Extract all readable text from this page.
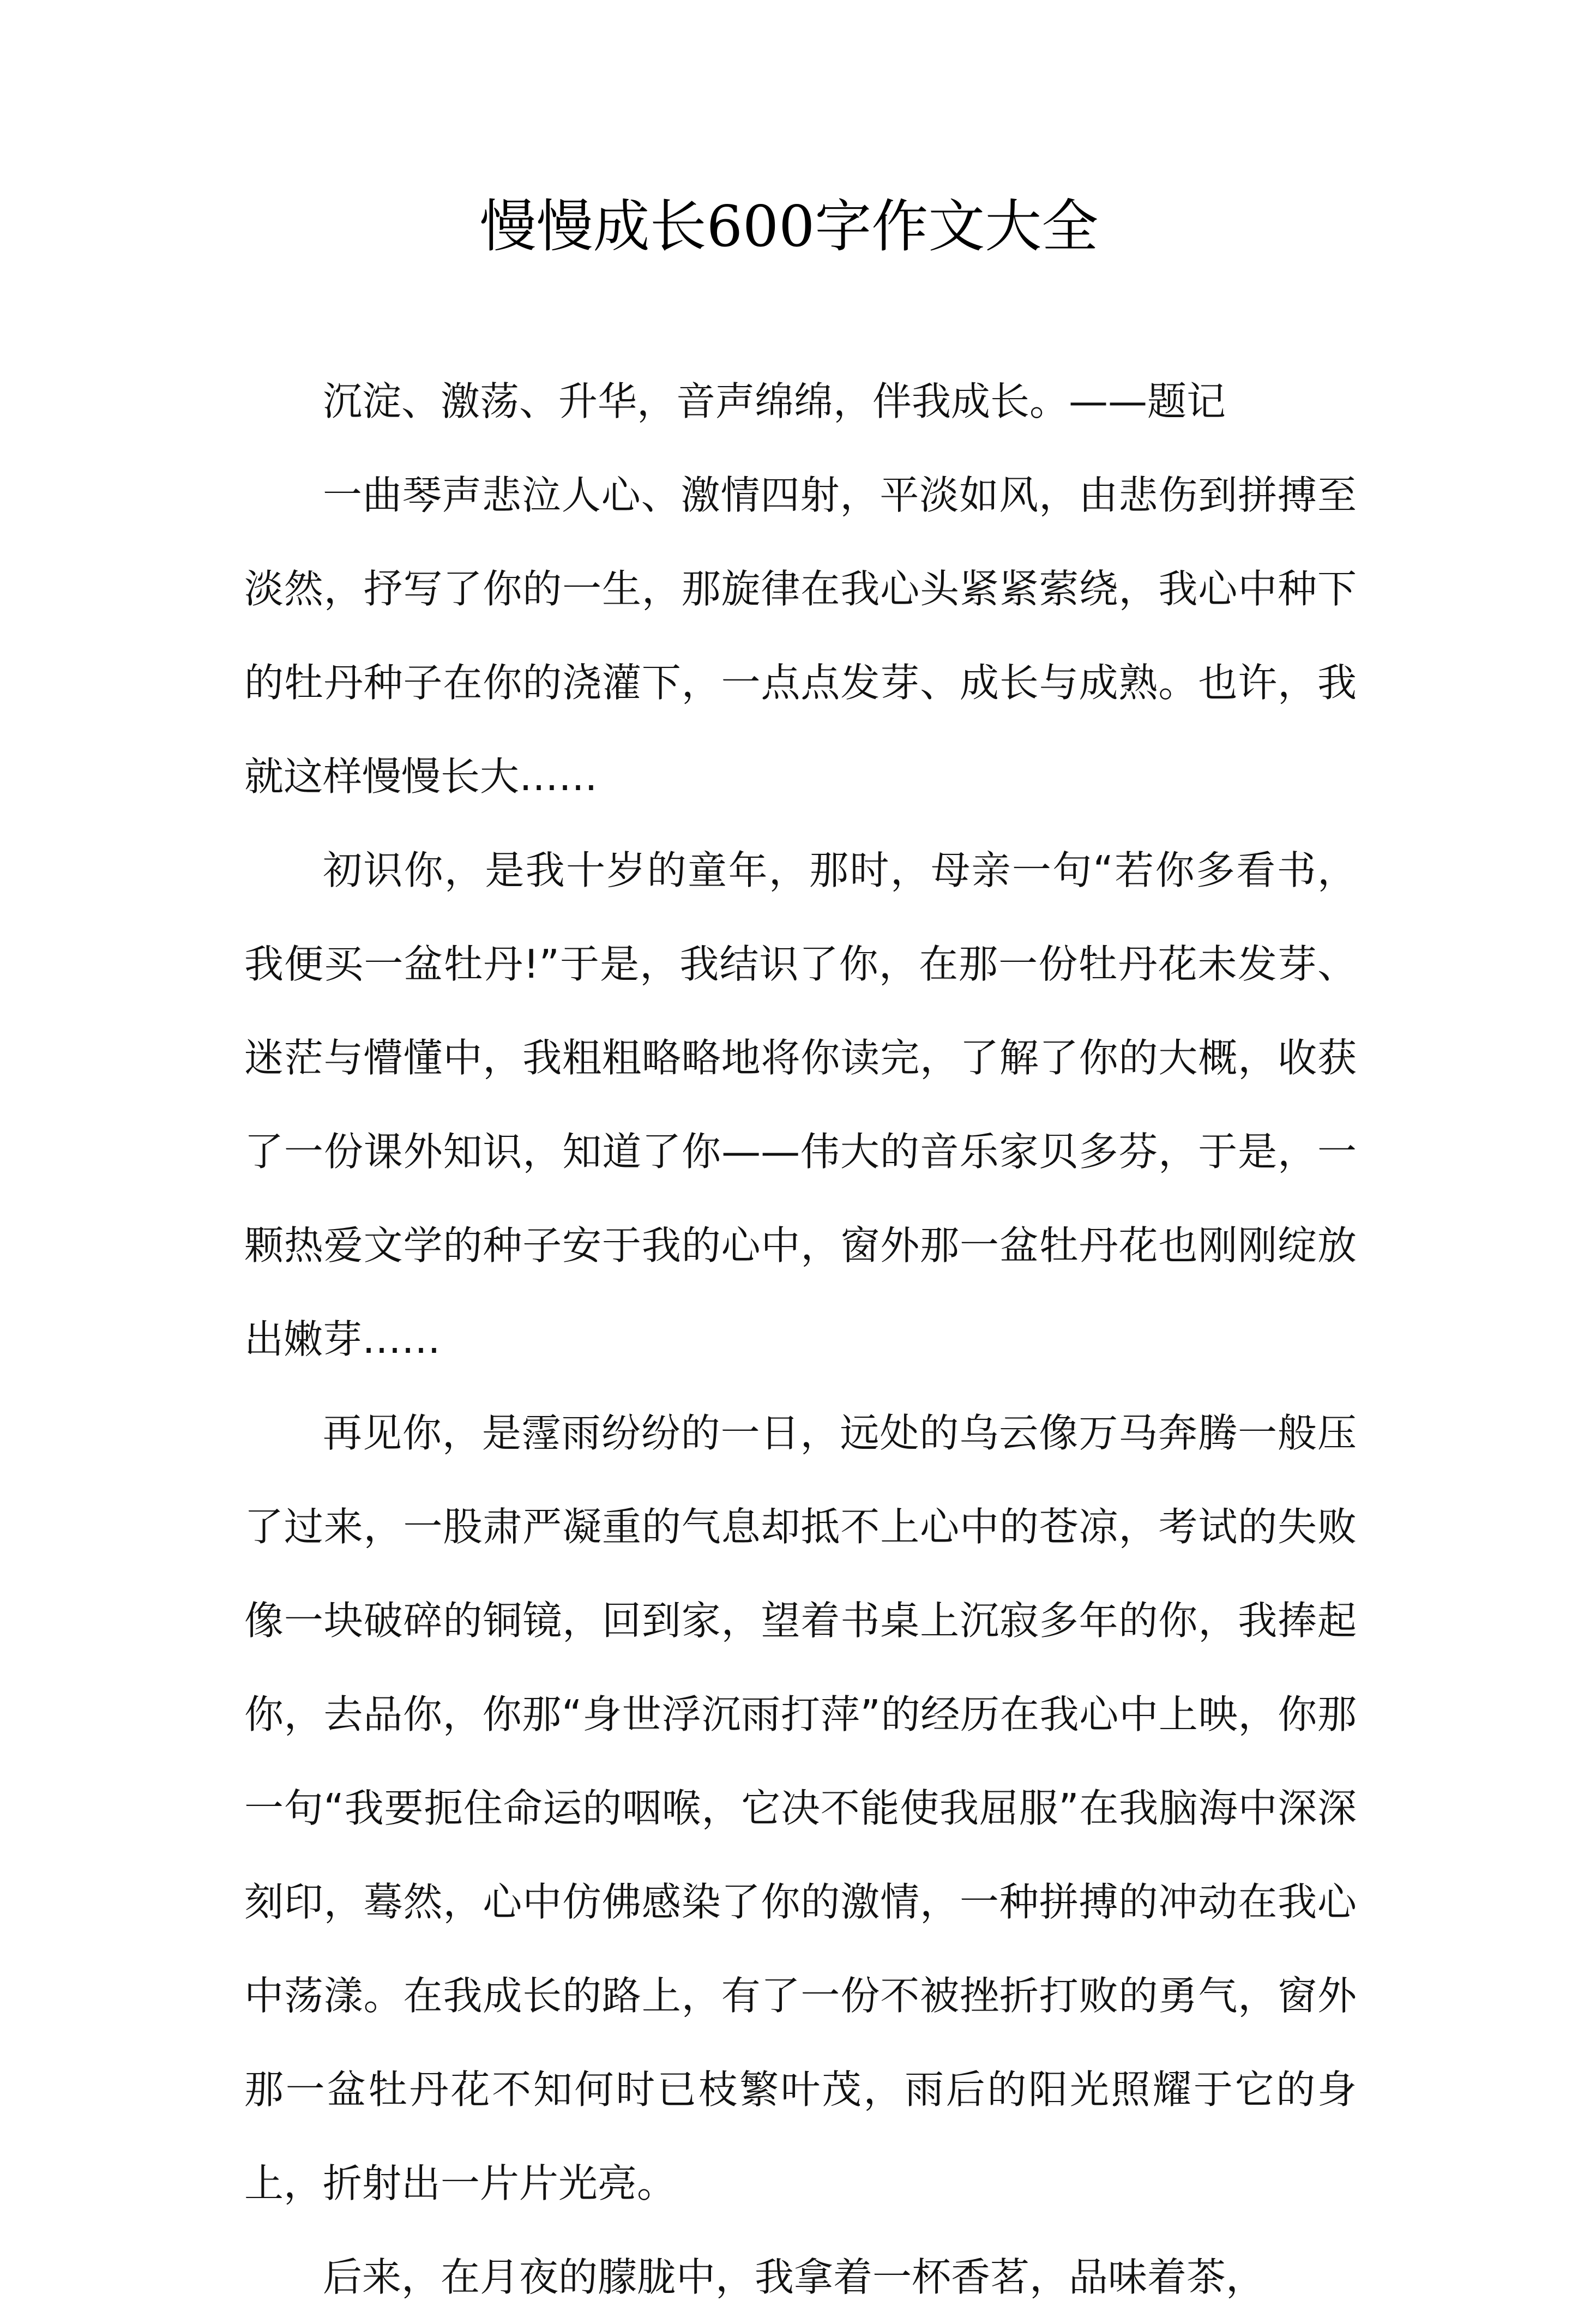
慢慢成长600字作文大全

沉淀、激荡、升华，音声绵绵，伴我成长。——题记

一曲琴声悲泣人心、激情四射，平淡如风，由悲伤到拼搏至淡然，抒写了你的一生，那旋律在我心头紧紧萦绕，我心中种下的牡丹种子在你的浇灌下，一点点发芽、成长与成熟。也许，我就这样慢慢长大……

初识你，是我十岁的童年，那时，母亲一句“若你多看书，我便买一盆牡丹!”于是，我结识了你，在那一份牡丹花未发芽、迷茫与懵懂中，我粗粗略略地将你读完，了解了你的大概，收获了一份课外知识，知道了你——伟大的音乐家贝多芬，于是，一颗热爱文学的种子安于我的心中，窗外那一盆牡丹花也刚刚绽放出嫩芽……

再见你，是霪雨纷纷的一日，远处的乌云像万马奔腾一般压了过来，一股肃严凝重的气息却抵不上心中的苍凉，考试的失败像一块破碎的铜镜，回到家，望着书桌上沉寂多年的你，我捧起你，去品你，你那“身世浮沉雨打萍”的经历在我心中上映，你那一句“我要扼住命运的咽喉，它决不能使我屈服”在我脑海中深深刻印，蓦然，心中仿佛感染了你的激情，一种拼搏的冲动在我心中荡漾。在我成长的路上，有了一份不被挫折打败的勇气，窗外那一盆牡丹花不知何时已枝繁叶茂，雨后的阳光照耀于它的身上，折射出一片片光亮。

后来，在月夜的朦胧中，我拿着一杯香茗，品味着茶，
